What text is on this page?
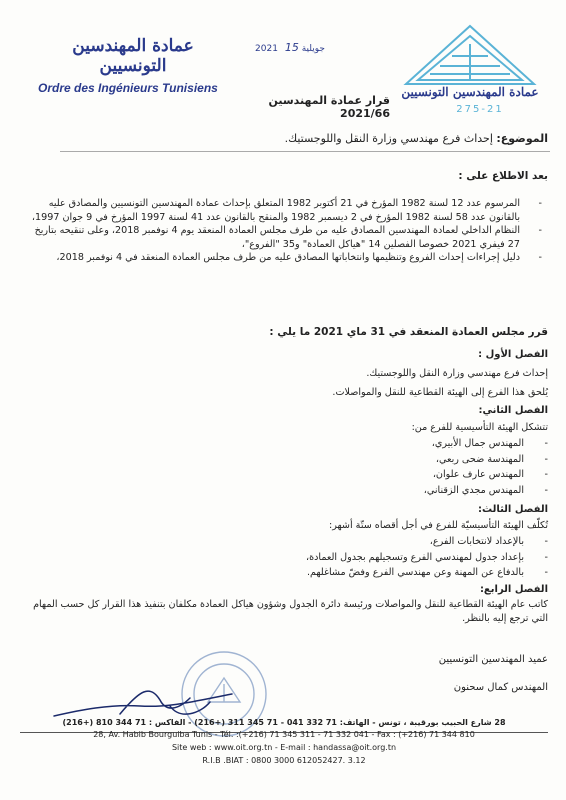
عمادة المهندسين التونسيين
2021	جويلية 15
Ordre des Ingénieurs Tunisiens	عمادة المهندسين التونسيين
275-21
قرار عمادة المهندسين 2021/66
الموضوع: إحداث فرع مهندسي وزارة النقل واللوجستيك.
بعد الاطلاع على :
-
المرسوم عدد 12 لسنة 1982 المؤرخ في 21 أكتوبر 1982 المتعلق بإحداث عمادة المهندسين التونسيين والمصادق عليه بالقانون عدد 58 لسنة 1982 المؤرخ في 2 ديسمبر 1982 والمنقح بالقانون عدد 41 لسنة 1997 المؤرخ في 9 جوان 1997،
-
النظام الداخلي لعمادة المهندسين المصادق عليه من طرف مجلس العمادة المنعقد يوم 4 نوفمبر 2018، وعلى تنقيحه بتاريخ 27 فيفري 2021 خصوصا الفصلين 14 "هياكل العمادة" و35 "الفروع"،
-
دليل إجراءات إحداث الفروع وتنظيمها وانتخاباتها المصادق عليه من طرف مجلس العمادة المنعقد في 4 نوفمبر 2018،
قرر مجلس العمادة المنعقد في 31 ماي 2021 ما يلي :
الفصل الأول :
إحداث فرع مهندسي وزارة النقل واللوجستيك.
يُلحق هذا الفرع إلى الهيئة القطاعية للنقل والمواصلات.
الفصل الثاني:
تتشكل الهيئة التأسيسية للفرع من:
-
المهندس جمال الأبيري،
-
المهندسة ضحى ربعي،
-
المهندس عارف علوان،
-
المهندس مجدي الزقناني،
الفصل الثالث:
تُكلّف الهيئة التأسيسيّة للفرع في أجل أقصاه ستّة أشهر:
-
بالإعداد لانتخابات الفرع،
-
بإعداد جدول لمهندسي الفرع وتسجيلهم بجدول العمادة،
-
بالدفاع عن المهنة وعن مهندسي الفرع وفضّ مشاغلهم.
الفصل الرابع:
كاتب عام الهيئة القطاعية للنقل والمواصلات ورئيسة دائرة الجدول وشؤون هياكل العمادة مكلفان بتنفيذ هذا القرار كل حسب المهام التي ترجع إليه بالنظر.
عميد المهندسين التونسيين
المهندس كمال سحنون
28 شارع الحبيب بورقيبة ، تونس - الهاتف: 71 332 041 - 71 345 311 (+216) - الفاكس : 71 344 810 (+216)
28, Av. Habib Bourguiba Tunis - Tél. :(+216) 71 345 311 - 71 332 041 - Fax : (+216) 71 344 810
Site web : www.oit.org.tn - E-mail : handassa@oit.org.tn
R.I.B .BIAT : 0800 3000 612052427. 3.12
